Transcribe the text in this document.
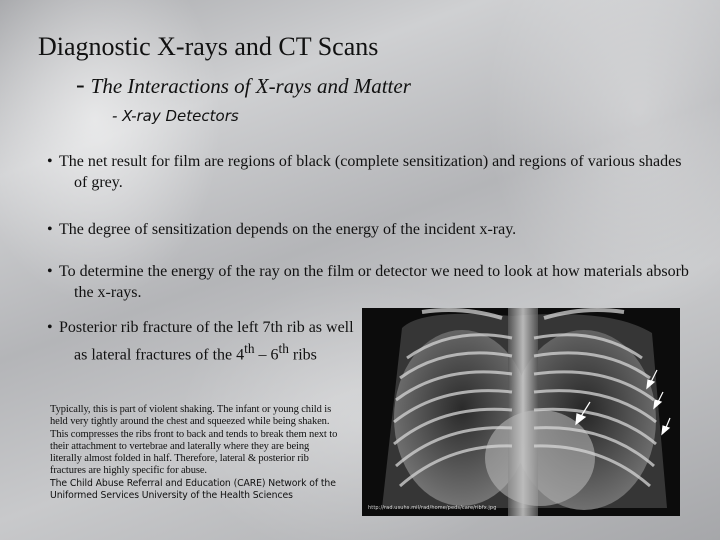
Diagnostic X-rays and CT Scans
- The Interactions of X-rays and Matter
- X-ray Detectors
• The net result for film are regions of black (complete sensitization) and regions of various shades of grey.
• The degree of sensitization depends on the energy of the incident x-ray.
• To determine the energy of the ray on the film or detector we need to look at how materials absorb the x-rays.
• Posterior rib fracture of the left 7th rib as well as lateral fractures of the 4th – 6th ribs
Typically, this is part of violent shaking. The infant or young child is held very tightly around the chest and squeezed while being shaken. This compresses the ribs front to back and tends to break them next to their attachment to vertebrae and laterally where they are being literally almost folded in half. Therefore, lateral & posterior rib fractures are highly specific for abuse.
The Child Abuse Referral and Education (CARE) Network of the Uniformed Services University of the Health Sciences
http://rad.usuhs.mil/rad/home/peds/care/ribfx.jpg
